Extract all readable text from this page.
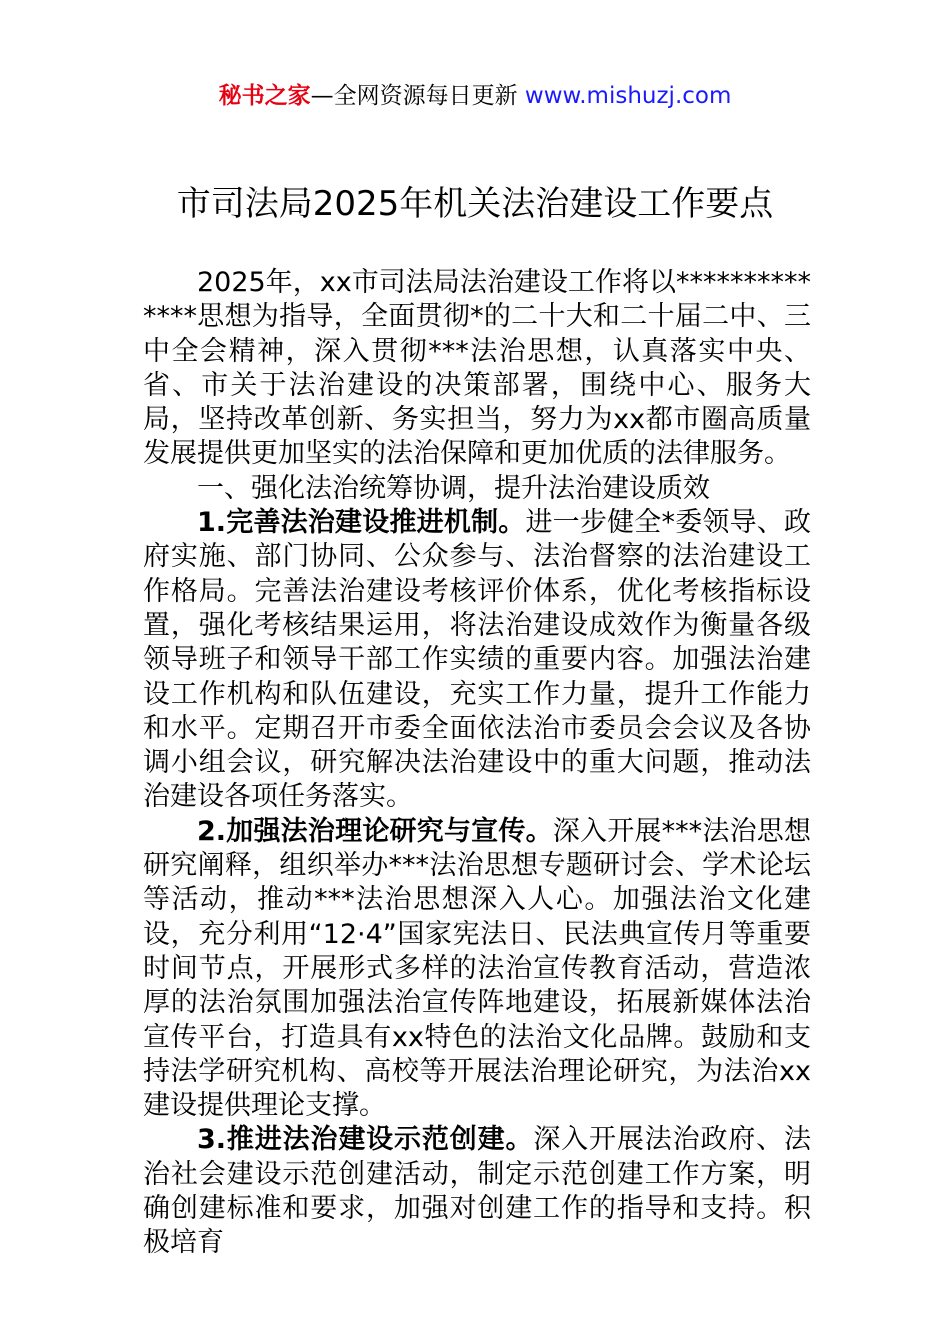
秘书之家—全网资源每日更新 www.mishuzj.com
市司法局2025年机关法治建设工作要点

2025年，xx市司法局法治建设工作将以**************思想为指导，全面贯彻*的二十大和二十届二中、三中全会精神，深入贯彻***法治思想，认真落实中央、省、市关于法治建设的决策部署，围绕中心、服务大局，坚持改革创新、务实担当，努力为xx都市圈高质量发展提供更加坚实的法治保障和更加优质的法律服务。

一、强化法治统筹协调，提升法治建设质效

1.完善法治建设推进机制。进一步健全*委领导、政府实施、部门协同、公众参与、法治督察的法治建设工作格局。完善法治建设考核评价体系，优化考核指标设置，强化考核结果运用，将法治建设成效作为衡量各级领导班子和领导干部工作实绩的重要内容。加强法治建设工作机构和队伍建设，充实工作力量，提升工作能力和水平。定期召开市委全面依法治市委员会会议及各协调小组会议，研究解决法治建设中的重大问题，推动法治建设各项任务落实。

2.加强法治理论研究与宣传。深入开展***法治思想研究阐释，组织举办***法治思想专题研讨会、学术论坛等活动，推动***法治思想深入人心。加强法治文化建设，充分利用“12·4”国家宪法日、民法典宣传月等重要时间节点，开展形式多样的法治宣传教育活动，营造浓厚的法治氛围加强法治宣传阵地建设，拓展新媒体法治宣传平台，打造具有xx特色的法治文化品牌。鼓励和支持法学研究机构、高校等开展法治理论研究，为法治xx建设提供理论支撑。

3.推进法治建设示范创建。深入开展法治政府、法治社会建设示范创建活动，制定示范创建工作方案，明确创建标准和要求，加强对创建工作的指导和支持。积极培育
